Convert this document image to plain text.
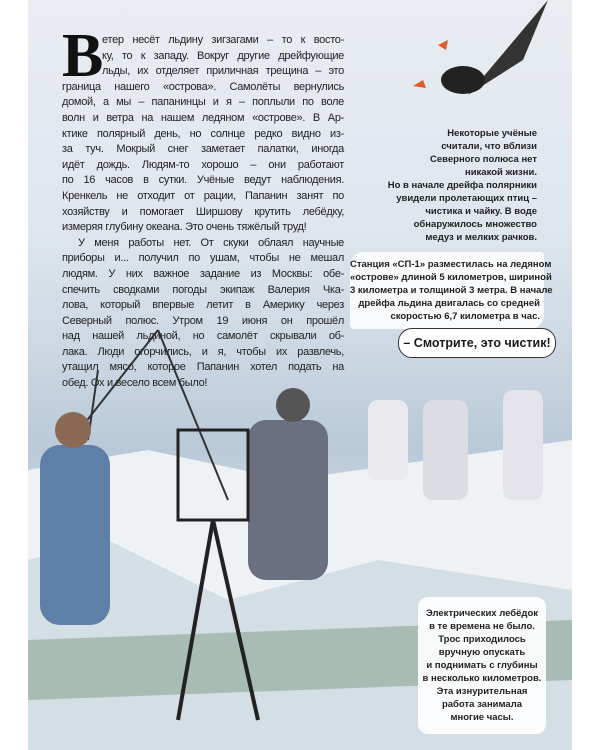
В
етер несёт льдину зигзагами – то к восто-
ку, то к западу. Вокруг другие дрейфующие
льды, их отделяет приличная трещина – это
граница нашего «острова». Самолёты вернулись
домой, а мы – папанинцы и я – поплыли по воле
волн и ветра на нашем ледяном «острове». В Ар-
ктике полярный день, но солнце редко видно из-
за туч. Мокрый снег заметает палатки, иногда
идёт дождь. Людям-то хорошо – они работают
по 16 часов в сутки. Учёные ведут наблюдения.
Кренкель не отходит от рации, Папанин занят по
хозяйству и помогает Ширшову крутить лебёдку,
измеряя глубину океана. Это очень тяжёлый труд!
У меня работы нет. От скуки облаял научные
приборы и... получил по ушам, чтобы не мешал
людям. У них важное задание из Москвы: обе-
спечить сводками погоды экипаж Валерия Чка-
лова, который впервые летит в Америку через
Северный полюс. Утром 19 июня он прошёл
над нашей льдиной, но самолёт скрывали об-
лака. Люди огорчились, и я, чтобы их развлечь,
утащил мясо, которое Папанин хотел подать на
обед. Ох и весело всем было!
Некоторые учёные
считали, что вблизи
Северного полюса нет
никакой жизни.
Но в начале дрейфа полярники
увидели пролетающих птиц –
чистика и чайку. В воде
обнаружилось множество
медуз и мелких рачков.
Станция «СП-1» разместилась на ледяном
«острове» длиной 5 километров, шириной
3 километра и толщиной 3 метра. В начале
дрейфа льдина двигалась со средней
скоростью 6,7 километра в час.
Электрических лебёдок
в те времена не было.
Трос приходилось
вручную опускать
и поднимать с глубины
в несколько километров.
Эта изнурительная
работа занимала
многие часы.
– Смотрите, это чистик!
